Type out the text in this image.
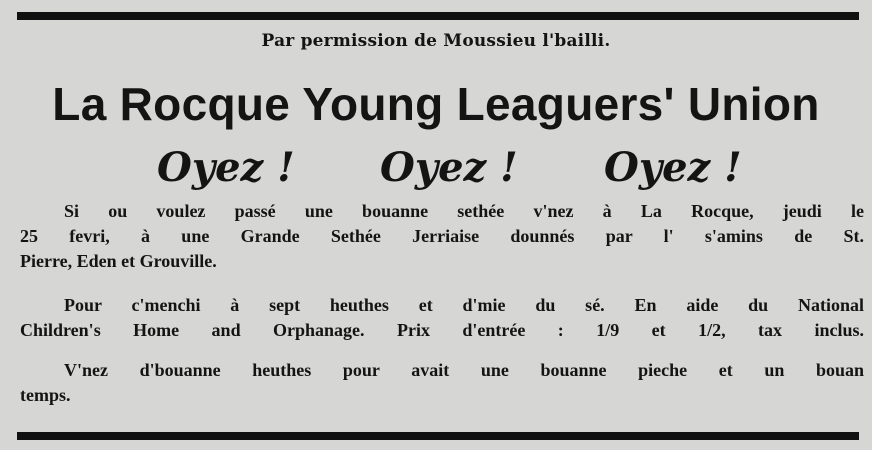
Par permission de Moussieu l'bailli.
La Rocque Young Leaguers' Union
Oyez ! Oyez ! Oyez !
Si ou voulez passé une bouanne sethée v'nez à La Rocque, jeudi le
25 fevri, à une Grande Sethée Jerriaise dounnés par l' s'amins de St.
Pierre, Eden et Grouville.
Pour c'menchi à sept heuthes et d'mie du sé. En aide du National
Children's Home and Orphanage. Prix d'entrée : 1/9 et 1/2, tax inclus.
V'nez d'bouanne heuthes pour avait une bouanne pieche et un bouan
temps.
